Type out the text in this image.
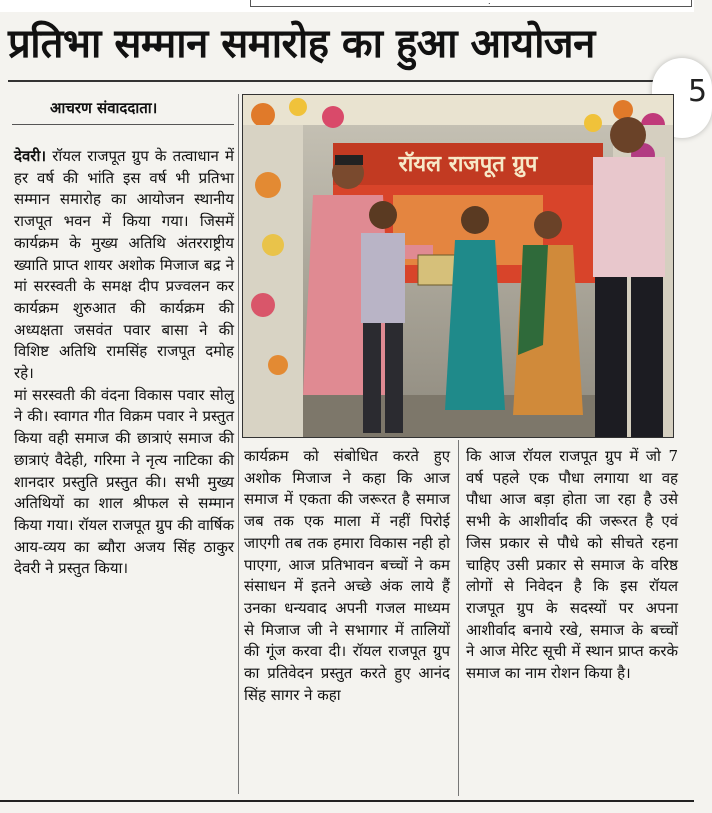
.
प्रतिभा सम्मान समारोह का हुआ आयोजन
5
आचरण संवाददाता।

देवरी। रॉयल राजपूत ग्रुप के तत्वाधान में हर वर्ष की भांति इस वर्ष भी प्रतिभा सम्मान समारोह का आयोजन स्थानीय राजपूत भवन में किया गया। जिसमें कार्यक्रम के मुख्य अतिथि अंतरराष्ट्रीय ख्याति प्राप्त शायर अशोक मिजाज बद्र ने मां सरस्वती के समक्ष दीप प्रज्वलन कर कार्यक्रम शुरुआत की कार्यक्रम की अध्यक्षता जसवंत पवार बासा ने की विशिष्ट अतिथि रामसिंह राजपूत दमोह रहे।

मां सरस्वती की वंदना विकास पवार सोलु ने की। स्वागत गीत विक्रम पवार ने प्रस्तुत किया वही समाज की छात्राएं समाज की छात्राएं वैदेही, गरिमा ने नृत्य नाटिका की शानदार प्रस्तुति प्रस्तुत की। सभी मुख्य अतिथियों का शाल श्रीफल से सम्मान किया गया। रॉयल राजपूत ग्रुप की वार्षिक आय-व्यय का ब्यौरा अजय सिंह ठाकुर देवरी ने प्रस्तुत किया।

रॉयल राजपूत ग्रुप

कार्यक्रम को संबोधित करते हुए अशोक मिजाज ने कहा कि आज समाज में एकता की जरूरत है समाज जब तक एक माला में नहीं पिरोई जाएगी तब तक हमारा विकास नही हो पाएगा, आज प्रतिभावन बच्चों ने कम संसाधन में इतने अच्छे अंक लाये हैं उनका धन्यवाद अपनी गजल माध्यम से मिजाज जी ने सभागार में तालियों की गूंज करवा दी। रॉयल राजपूत ग्रुप का प्रतिवेदन प्रस्तुत करते हुए आनंद सिंह सागर ने कहा

कि आज रॉयल राजपूत ग्रुप में जो 7 वर्ष पहले एक पौधा लगाया था वह पौधा आज बड़ा होता जा रहा है उसे सभी के आशीर्वाद की जरूरत है एवं जिस प्रकार से पौधे को सीचते रहना चाहिए उसी प्रकार से समाज के वरिष्ठ लोगों से निवेदन है कि इस रॉयल राजपूत ग्रुप के सदस्यों पर अपना आशीर्वाद बनाये रखे, समाज के बच्चों ने आज मेरिट सूची में स्थान प्राप्त करके समाज का नाम रोशन किया है।
